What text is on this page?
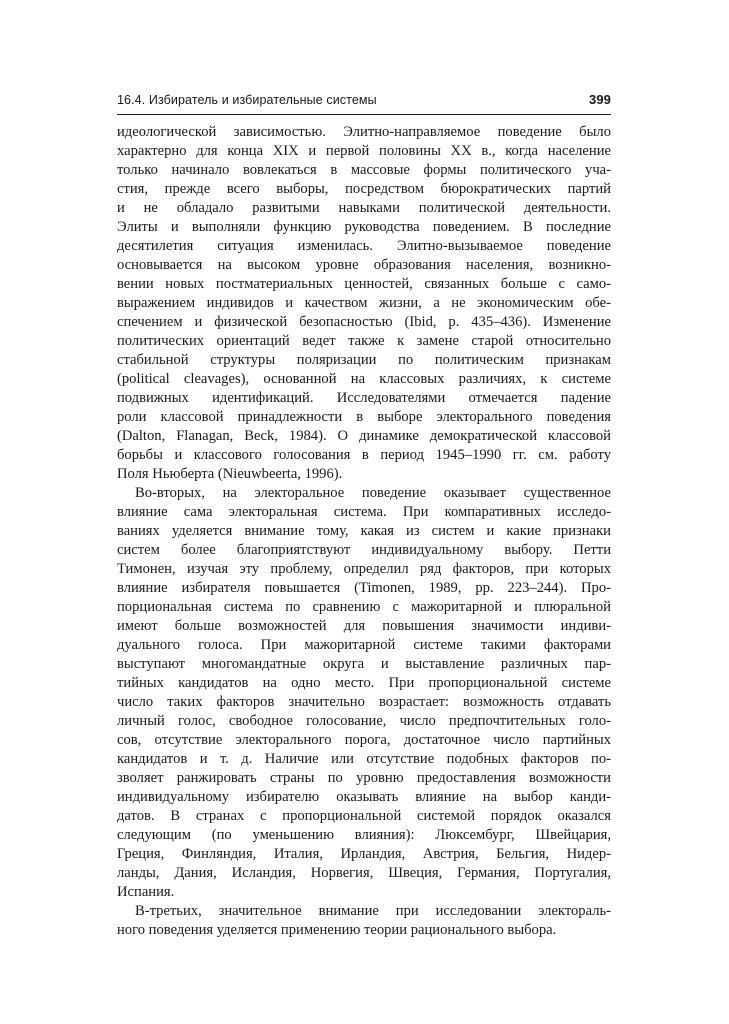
16.4. Избиратель и избирательные системы	399
идеологической зависимостью. Элитно-направляемое поведение было
характерно для конца XIX и первой половины XX в., когда население
только начинало вовлекаться в массовые формы политического уча-
стия, прежде всего выборы, посредством бюрократических партий
и не обладало развитыми навыками политической деятельности.
Элиты и выполняли функцию руководства поведением. В последние
десятилетия ситуация изменилась. Элитно-вызываемое поведение
основывается на высоком уровне образования населения, возникно-
вении новых постматериальных ценностей, связанных больше с само-
выражением индивидов и качеством жизни, а не экономическим обе-
спечением и физической безопасностью (Ibid, p. 435–436). Изменение
политических ориентаций ведет также к замене старой относительно
стабильной структуры поляризации по политическим признакам
(political cleavages), основанной на классовых различиях, к системе
подвижных идентификаций. Исследователями отмечается падение
роли классовой принадлежности в выборе электорального поведения
(Dalton, Flanagan, Beck, 1984). О динамике демократической классовой
борьбы и классового голосования в период 1945–1990 гг. см. работу
Поля Ньюберта (Nieuwbeerta, 1996).
Во-вторых, на электоральное поведение оказывает существенное
влияние сама электоральная система. При компаративных исследо-
ваниях уделяется внимание тому, какая из систем и какие признаки
систем более благоприятствуют индивидуальному выбору. Петти
Тимонен, изучая эту проблему, определил ряд факторов, при которых
влияние избирателя повышается (Timonen, 1989, pp. 223–244). Про-
порциональная система по сравнению с мажоритарной и плюральной
имеют больше возможностей для повышения значимости индиви-
дуального голоса. При мажоритарной системе такими факторами
выступают многомандатные округа и выставление различных пар-
тийных кандидатов на одно место. При пропорциональной системе
число таких факторов значительно возрастает: возможность отдавать
личный голос, свободное голосование, число предпочтительных голо-
сов, отсутствие электорального порога, достаточное число партийных
кандидатов и т. д. Наличие или отсутствие подобных факторов по-
зволяет ранжировать страны по уровню предоставления возможности
индивидуальному избирателю оказывать влияние на выбор канди-
датов. В странах с пропорциональной системой порядок оказался
следующим (по уменьшению влияния): Люксембург, Швейцария,
Греция, Финляндия, Италия, Ирландия, Австрия, Бельгия, Нидер-
ланды, Дания, Исландия, Норвегия, Швеция, Германия, Португалия,
Испания.
В-третьих, значительное внимание при исследовании электораль-
ного поведения уделяется применению теории рационального выбора.
